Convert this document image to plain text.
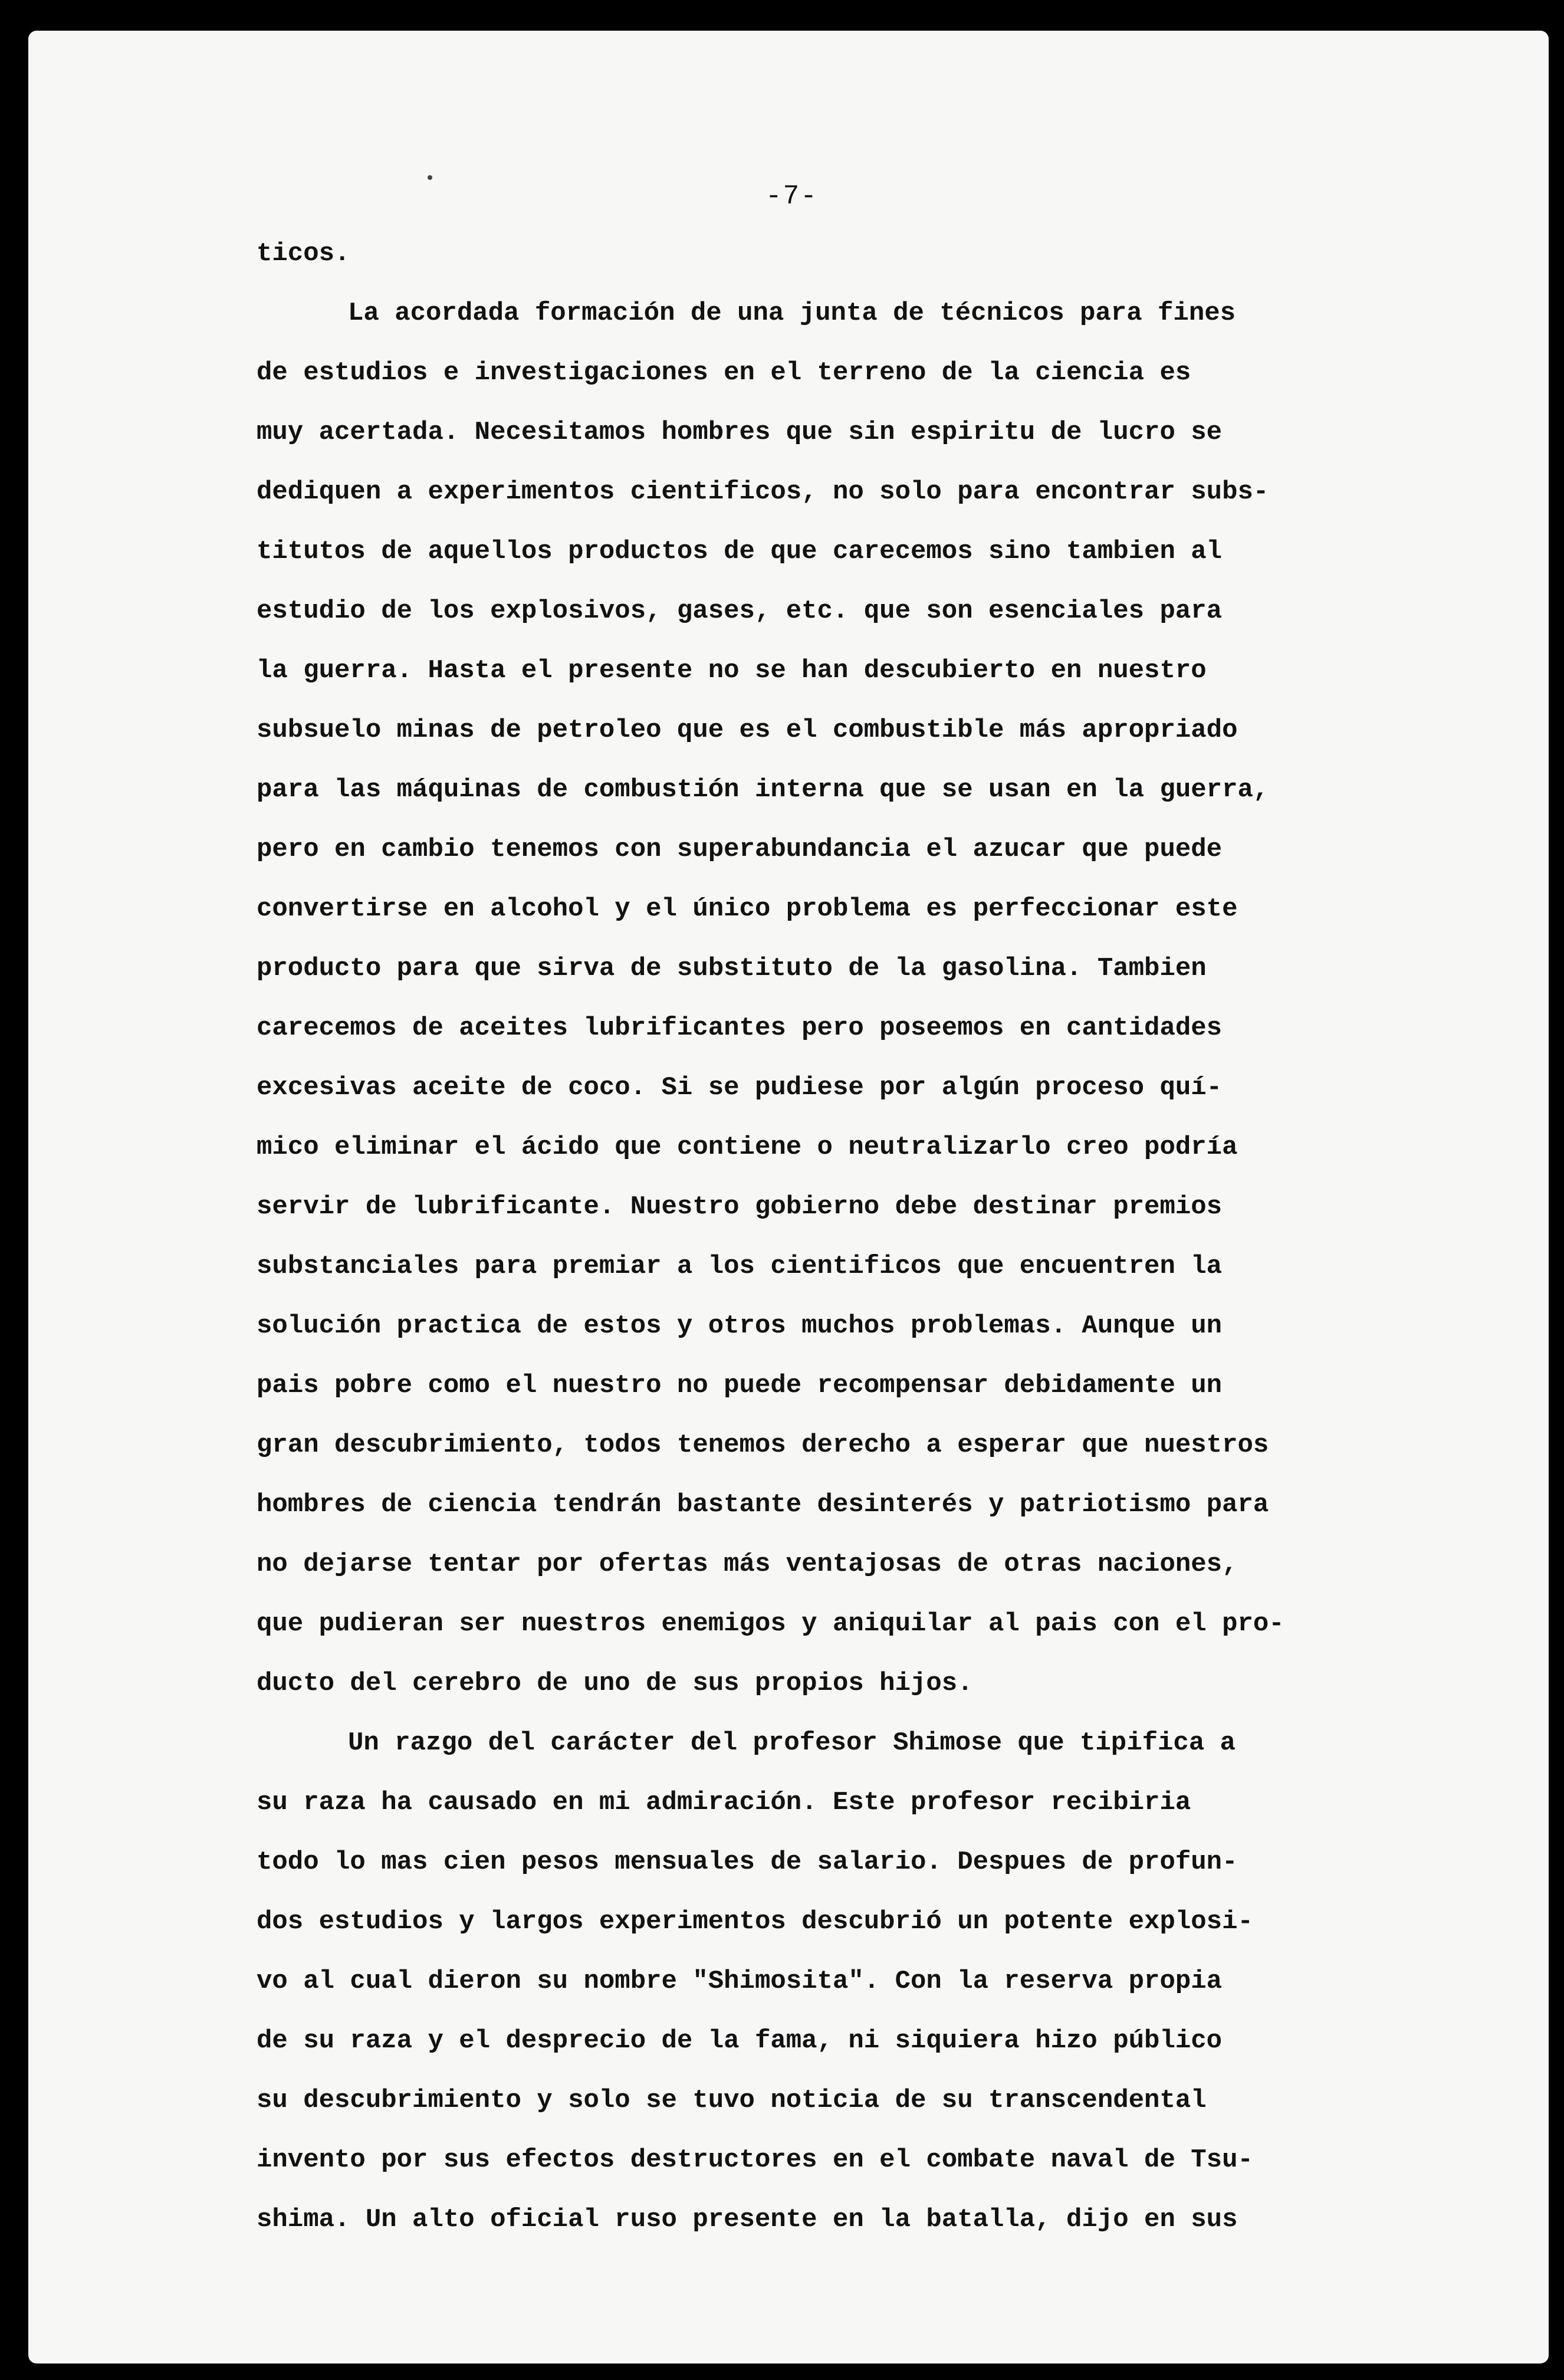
-7-
ticos.
La acordada formación de una junta de técnicos para fines
de estudios e investigaciones en el terreno de la ciencia es
muy acertada. Necesitamos hombres que sin espiritu de lucro se
dediquen a experimentos cientificos, no solo para encontrar subs-
titutos de aquellos productos de que carecemos sino tambien al
estudio de los explosivos, gases, etc. que son esenciales para
la guerra. Hasta el presente no se han descubierto en nuestro
subsuelo minas de petroleo que es el combustible más apropriado
para las máquinas de combustión interna que se usan en la guerra,
pero en cambio tenemos con superabundancia el azucar que puede
convertirse en alcohol y el único problema es perfeccionar este
producto para que sirva de substituto de la gasolina. Tambien
carecemos de aceites lubrificantes pero poseemos en cantidades
excesivas aceite de coco. Si se pudiese por algún proceso quí-
mico eliminar el ácido que contiene o neutralizarlo creo podría
servir de lubrificante. Nuestro gobierno debe destinar premios
substanciales para premiar a los cientificos que encuentren la
solución practica de estos y otros muchos problemas. Aunque un
pais pobre como el nuestro no puede recompensar debidamente un
gran descubrimiento, todos tenemos derecho a esperar que nuestros
hombres de ciencia tendrán bastante desinterés y patriotismo para
no dejarse tentar por ofertas más ventajosas de otras naciones,
que pudieran ser nuestros enemigos y aniquilar al pais con el pro-
ducto del cerebro de uno de sus propios hijos.
Un razgo del carácter del profesor Shimose que tipifica a
su raza ha causado en mi admiración. Este profesor recibiria
todo lo mas cien pesos mensuales de salario. Despues de profun-
dos estudios y largos experimentos descubrió un potente explosi-
vo al cual dieron su nombre "Shimosita". Con la reserva propia
de su raza y el desprecio de la fama, ni siquiera hizo público
su descubrimiento y solo se tuvo noticia de su transcendental
invento por sus efectos destructores en el combate naval de Tsu-
shima. Un alto oficial ruso presente en la batalla, dijo en sus
